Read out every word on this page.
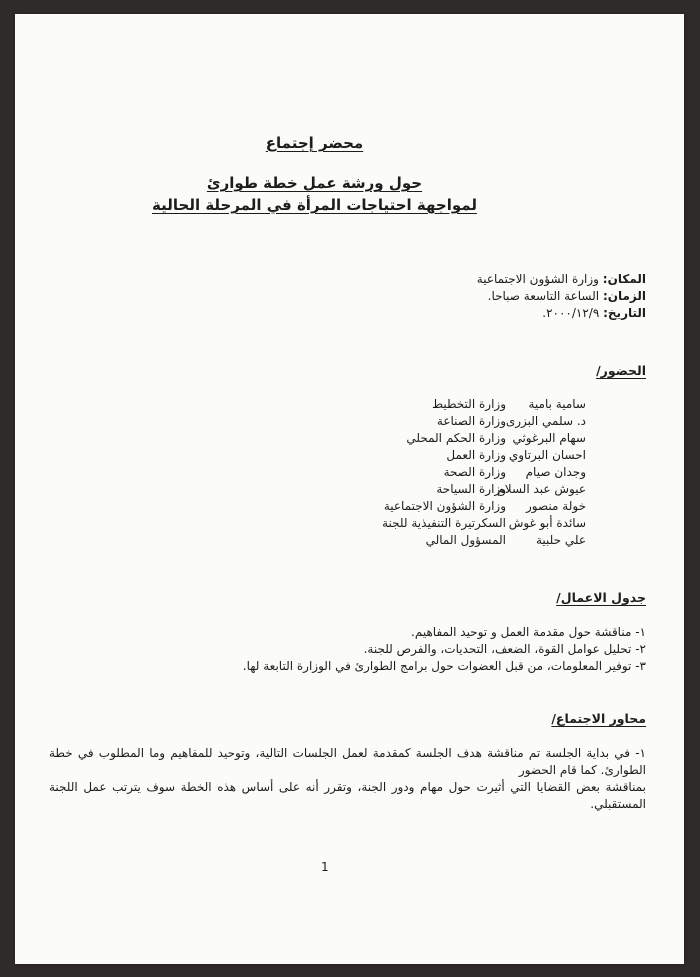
محضر إجتماع
حول ورشة عمل خطة طوارئ
لمواجهة احتياجات المرأة في المرحلة الحالية
المكان: وزارة الشؤون الاجتماعية
الزمان: الساعة التاسعة صباحا.
التاريخ: ٢٠٠٠/١٢/٩.
الحضور/
سامية بامية
وزارة التخطيط
د. سلمي البزرى
وزارة الصناعة
سهام البرغوثي
وزارة الحكم المحلي
احسان البرتاوي
وزارة العمل
وجدان صيام
وزارة الصحة
عيوش عبد السلام
وزارة السياحة
خولة منصور
وزارة الشؤون الاجتماعية
سائدة أبو غوش
السكرتيرة التنفيذية للجنة
علي حلبية
المسؤول المالي
جدول الاعمال/
١- مناقشة حول مقدمة العمل و توحيد المفاهيم.
٢- تحليل عوامل القوة، الضعف، التحديات، والفرص للجنة.
٣- توفير المعلومات، من قبل العضوات حول برامج الطوارئ في الوزارة التابعة لها.
محاور الاجتماع/

١- في بداية الجلسة تم مناقشة هدف الجلسة كمقدمة لعمل الجلسات التالية، وتوحيد للمفاهيم وما المطلوب في خطة الطوارئ. كما قام الحضور

بمناقشة بعض القضايا التي أثيرت حول مهام ودور الجنة، وتقرر أنه على أساس هذه الخطة سوف يترتب عمل اللجنة المستقبلي.

1
